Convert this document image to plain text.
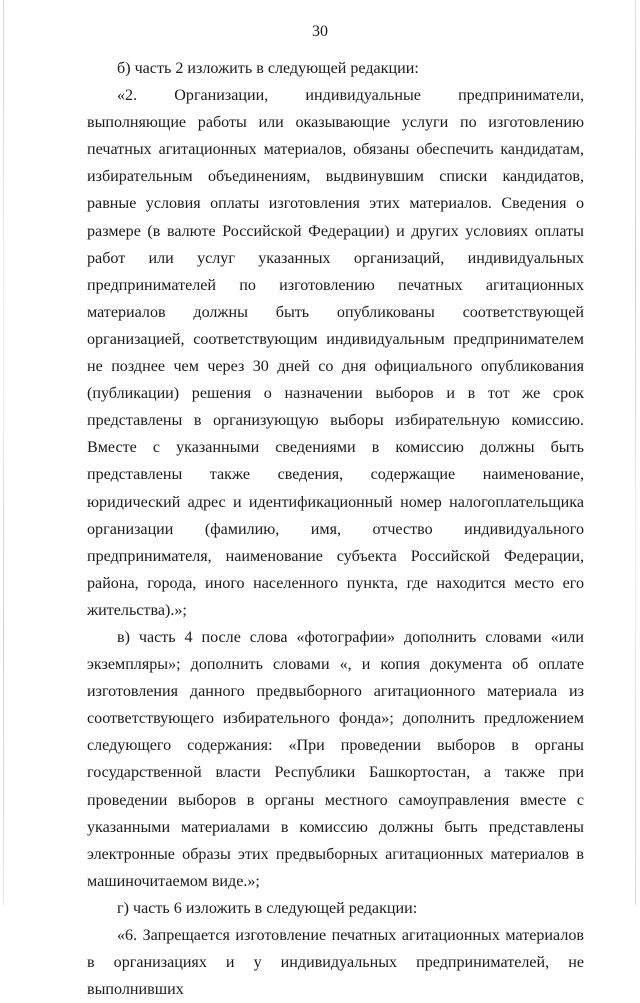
30

б) часть 2 изложить в следующей редакции:

«2. Организации, индивидуальные предприниматели, выполняющие работы или оказывающие услуги по изготовлению печатных агитационных материалов, обязаны обеспечить кандидатам, избирательным объединениям, выдвинувшим списки кандидатов, равные условия оплаты изготовления этих материалов. Сведения о размере (в валюте Российской Федерации) и других условиях оплаты работ или услуг указанных организаций, индивидуальных предпринимателей по изготовлению печатных агитационных материалов должны быть опубликованы соответствующей организацией, соответствующим индивидуальным предпринимателем не позднее чем через 30 дней со дня официального опубликования (публикации) решения о назначении выборов и в тот же срок представлены в организующую выборы избирательную комиссию. Вместе с указанными сведениями в комиссию должны быть представлены также сведения, содержащие наименование, юридический адрес и идентификационный номер налогоплательщика организации (фамилию, имя, отчество индивидуального предпринимателя, наименование субъекта Российской Федерации, района, города, иного населенного пункта, где находится место его жительства).»;

в) часть 4 после слова «фотографии» дополнить словами «или экземпляры»; дополнить словами «, и копия документа об оплате изготовления данного предвыборного агитационного материала из соответствующего избирательного фонда»; дополнить предложением следующего содержания: «При проведении выборов в органы государственной власти Республики Башкортостан, а также при проведении выборов в органы местного самоуправления вместе с указанными материалами в комиссию должны быть представлены электронные образы этих предвыборных агитационных материалов в машиночитаемом виде.»;

г) часть 6 изложить в следующей редакции:

«6. Запрещается изготовление печатных агитационных материалов в организациях и у индивидуальных предпринимателей, не выполнивших
